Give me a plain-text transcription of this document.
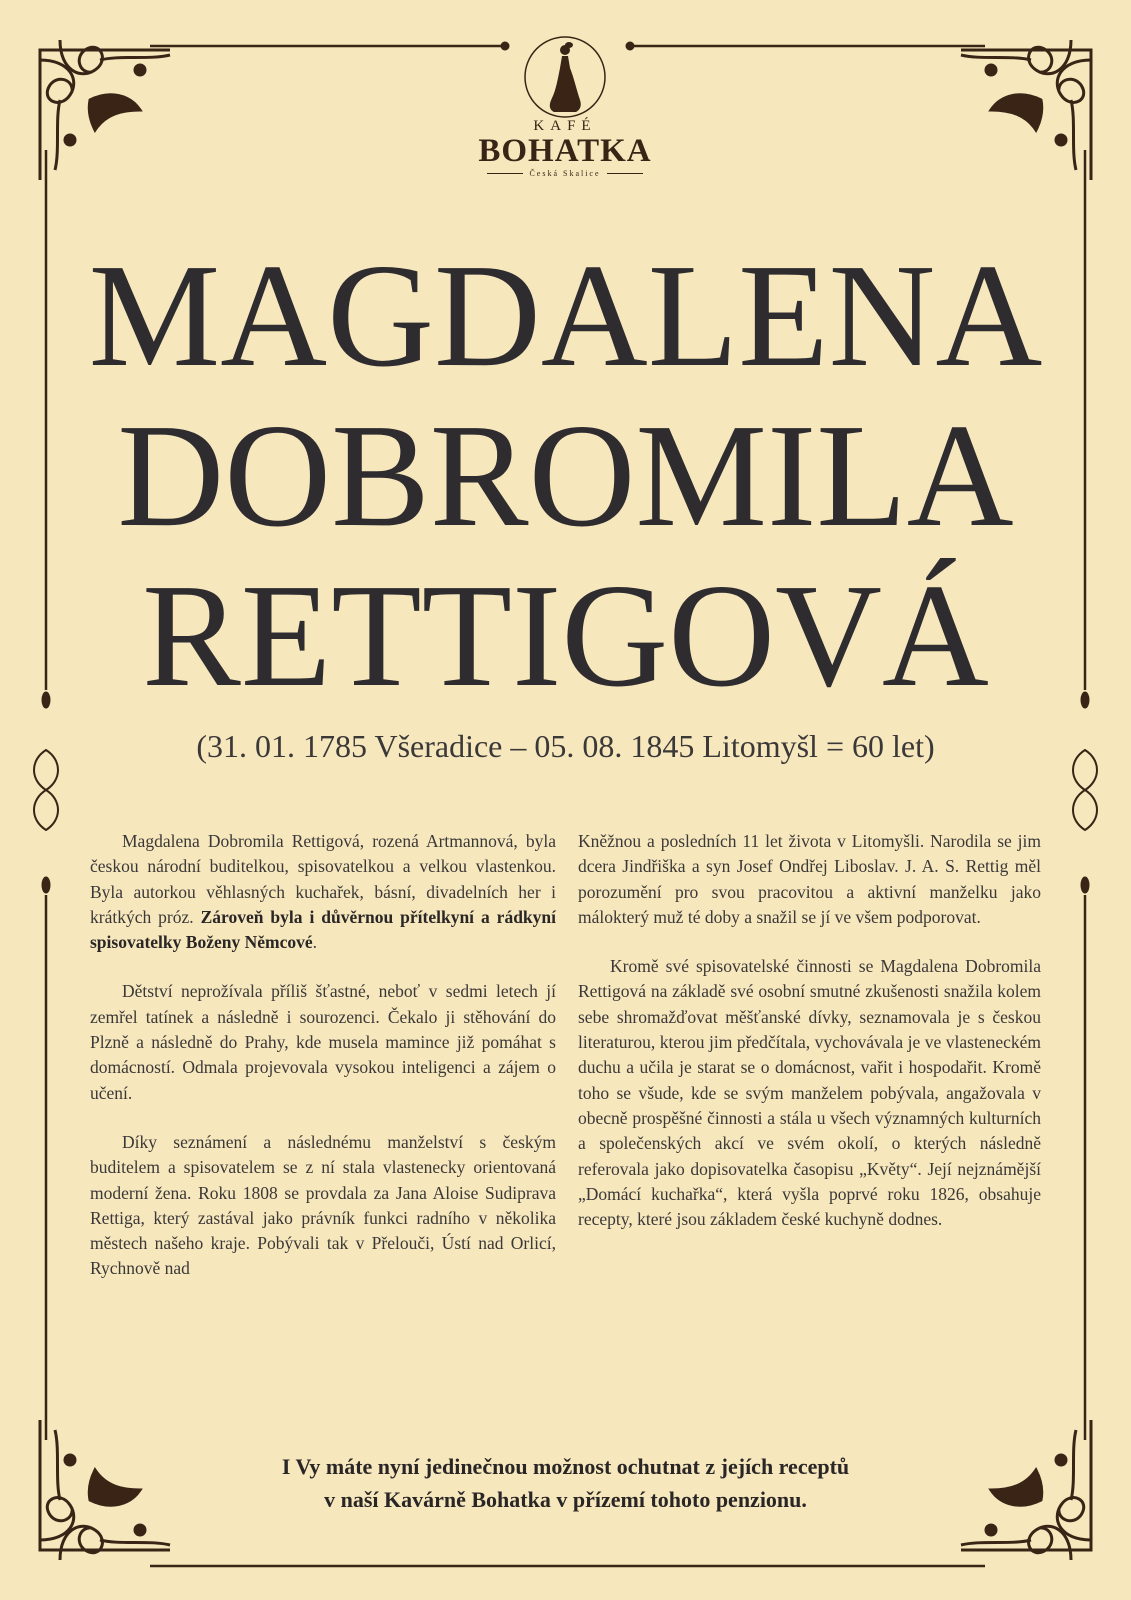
KAFÉ
BOHATKA
Česká Skalice
MAGDALENA
DOBROMILA
RETTIGOVÁ
(31. 01. 1785 Všeradice – 05. 08. 1845 Litomyšl = 60 let)

Magdalena Dobromila Rettigová, rozená Artmannová, byla českou národní buditelkou, spisovatelkou a velkou vlastenkou. Byla autorkou věhlasných kuchařek, básní, divadelních her i krátkých próz. Zároveň byla i důvěrnou přítelkyní a rádkyní spisovatelky Boženy Němcové.

Dětství neprožívala příliš šťastné, neboť v sedmi letech jí zemřel tatínek a následně i sourozenci. Čekalo ji stěhování do Plzně a následně do Prahy, kde musela mamince již pomáhat s domácností. Odmala projevovala vysokou inteligenci a zájem o učení.

Díky seznámení a následnému manželství s českým buditelem a spisovatelem se z ní stala vlastenecky orientovaná moderní žena. Roku 1808 se provdala za Jana Aloise Sudiprava Rettiga, který zastával jako právník funkci radního v několika městech našeho kraje. Pobývali tak v Přelouči, Ústí nad Orlicí, Rychnově nad

Kněžnou a posledních 11 let života v Litomyšli. Narodila se jim dcera Jindřiška a syn Josef Ondřej Liboslav. J. A. S. Rettig měl porozumění pro svou pracovitou a aktivní manželku jako málokterý muž té doby a snažil se jí ve všem podporovat.

Kromě své spisovatelské činnosti se Magdalena Dobromila Rettigová na základě své osobní smutné zkušenosti snažila kolem sebe shromažďovat měšťanské dívky, seznamovala je s českou literaturou, kterou jim předčítala, vychovávala je ve vlasteneckém duchu a učila je starat se o domácnost, vařit i hospodařit. Kromě toho se všude, kde se svým manželem pobývala, angažovala v obecně prospěšné činnosti a stála u všech významných kulturních a společenských akcí ve svém okolí, o kterých následně referovala jako dopisovatelka časopisu „Květy“. Její nejznámější „Domácí kuchařka“, která vyšla poprvé roku 1826, obsahuje recepty, které jsou základem české kuchyně dodnes.

I Vy máte nyní jedinečnou možnost ochutnat z jejích receptů
v naší Kavárně Bohatka v přízemí tohoto penzionu.
